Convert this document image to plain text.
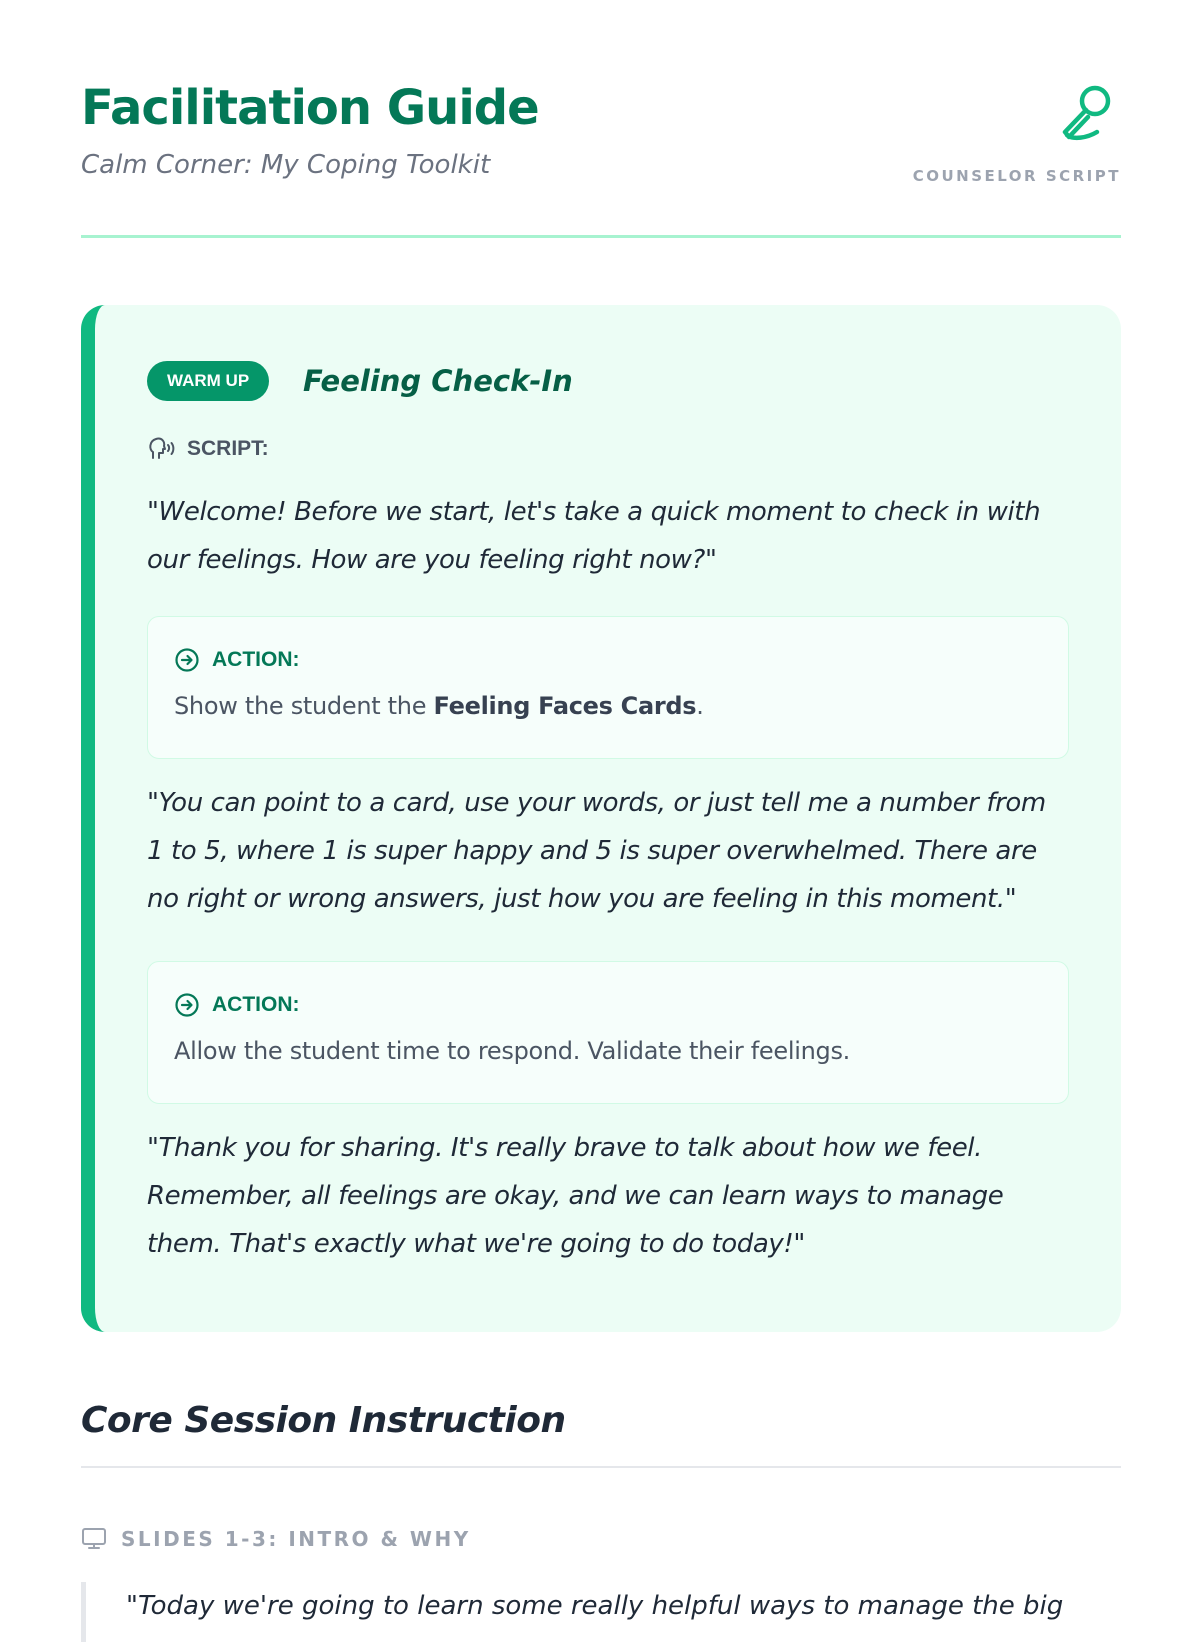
Facilitation Guide
Calm Corner: My Coping Toolkit	COUNSELOR SCRIPT
WARM UP	Feeling Check-In
SCRIPT:

"Welcome! Before we start, let's take a quick moment to check in with our feelings. How are you feeling right now?"

ACTION:
Show the student the Feeling Faces Cards.

"You can point to a card, use your words, or just tell me a number from 1 to 5, where 1 is super happy and 5 is super overwhelmed. There are no right or wrong answers, just how you are feeling in this moment."

ACTION:
Allow the student time to respond. Validate their feelings.

"Thank you for sharing. It's really brave to talk about how we feel. Remember, all feelings are okay, and we can learn ways to manage them. That's exactly what we're going to do today!"

Core Session Instruction
SLIDES 1-3: INTRO & WHY
"Today we're going to learn some really helpful ways to manage the big
